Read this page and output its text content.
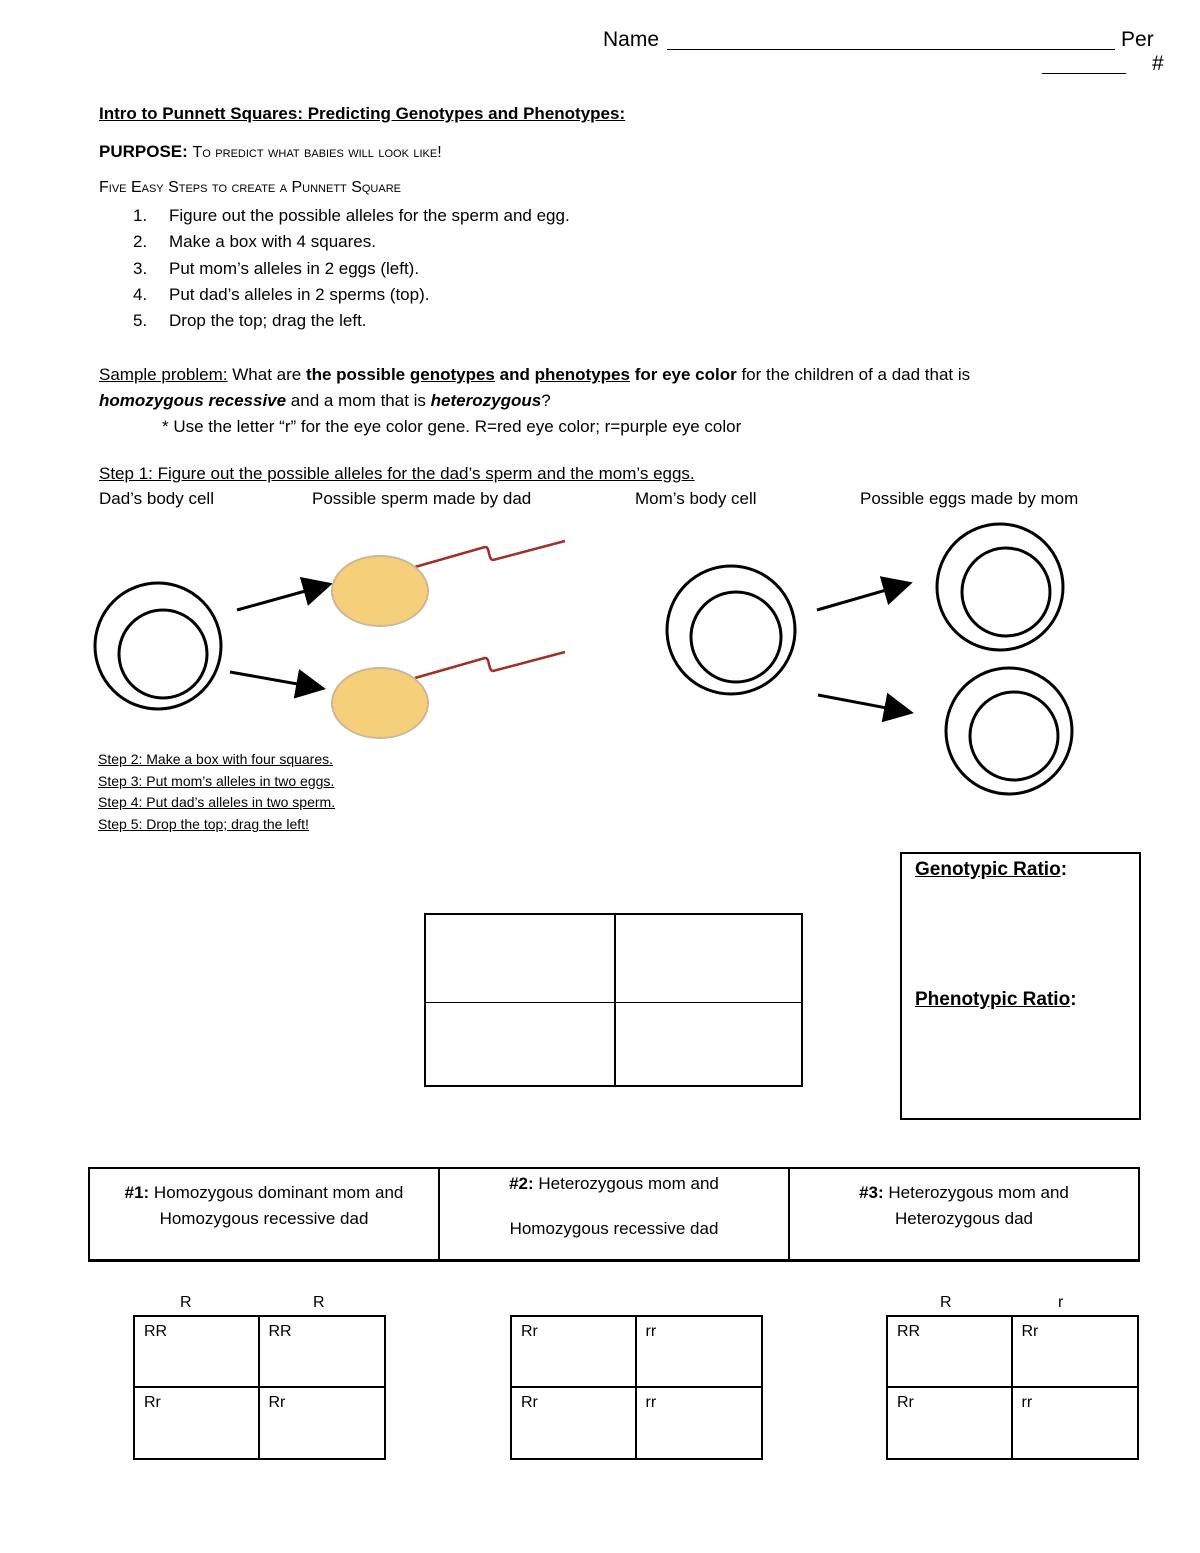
Name	Per
#
Intro to Punnett Squares: Predicting Genotypes and Phenotypes:
PURPOSE: To predict what babies will look like!
Five Easy Steps to create a Punnett Square
1. Figure out the possible alleles for the sperm and egg.
2. Make a box with 4 squares.
3. Put mom’s alleles in 2 eggs (left).
4. Put dad’s alleles in 2 sperms (top).
5. Drop the top; drag the left.
Sample problem: What are the possible genotypes and phenotypes for eye color for the children of a dad that is
homozygous recessive and a mom that is heterozygous?
* Use the letter “r” for the eye color gene. R=red eye color; r=purple eye color
Step 1: Figure out the possible alleles for the dad’s sperm and the mom’s eggs.
Dad’s body cell	Possible sperm made by dad	Mom’s body cell	Possible eggs made by mom
Step 2: Make a box with four squares.
Step 3: Put mom’s alleles in two eggs.
Step 4: Put dad’s alleles in two sperm.
Step 5: Drop the top; drag the left!
Genotypic Ratio:
Phenotypic Ratio:
#1: Homozygous dominant mom and
Homozygous recessive dad
#2: Heterozygous mom and
Homozygous recessive dad
#3: Heterozygous mom and
Heterozygous dad
R	R
RR	RR
Rr	Rr
Rr	rr
Rr	rr
R	r
RR	Rr
Rr	rr
